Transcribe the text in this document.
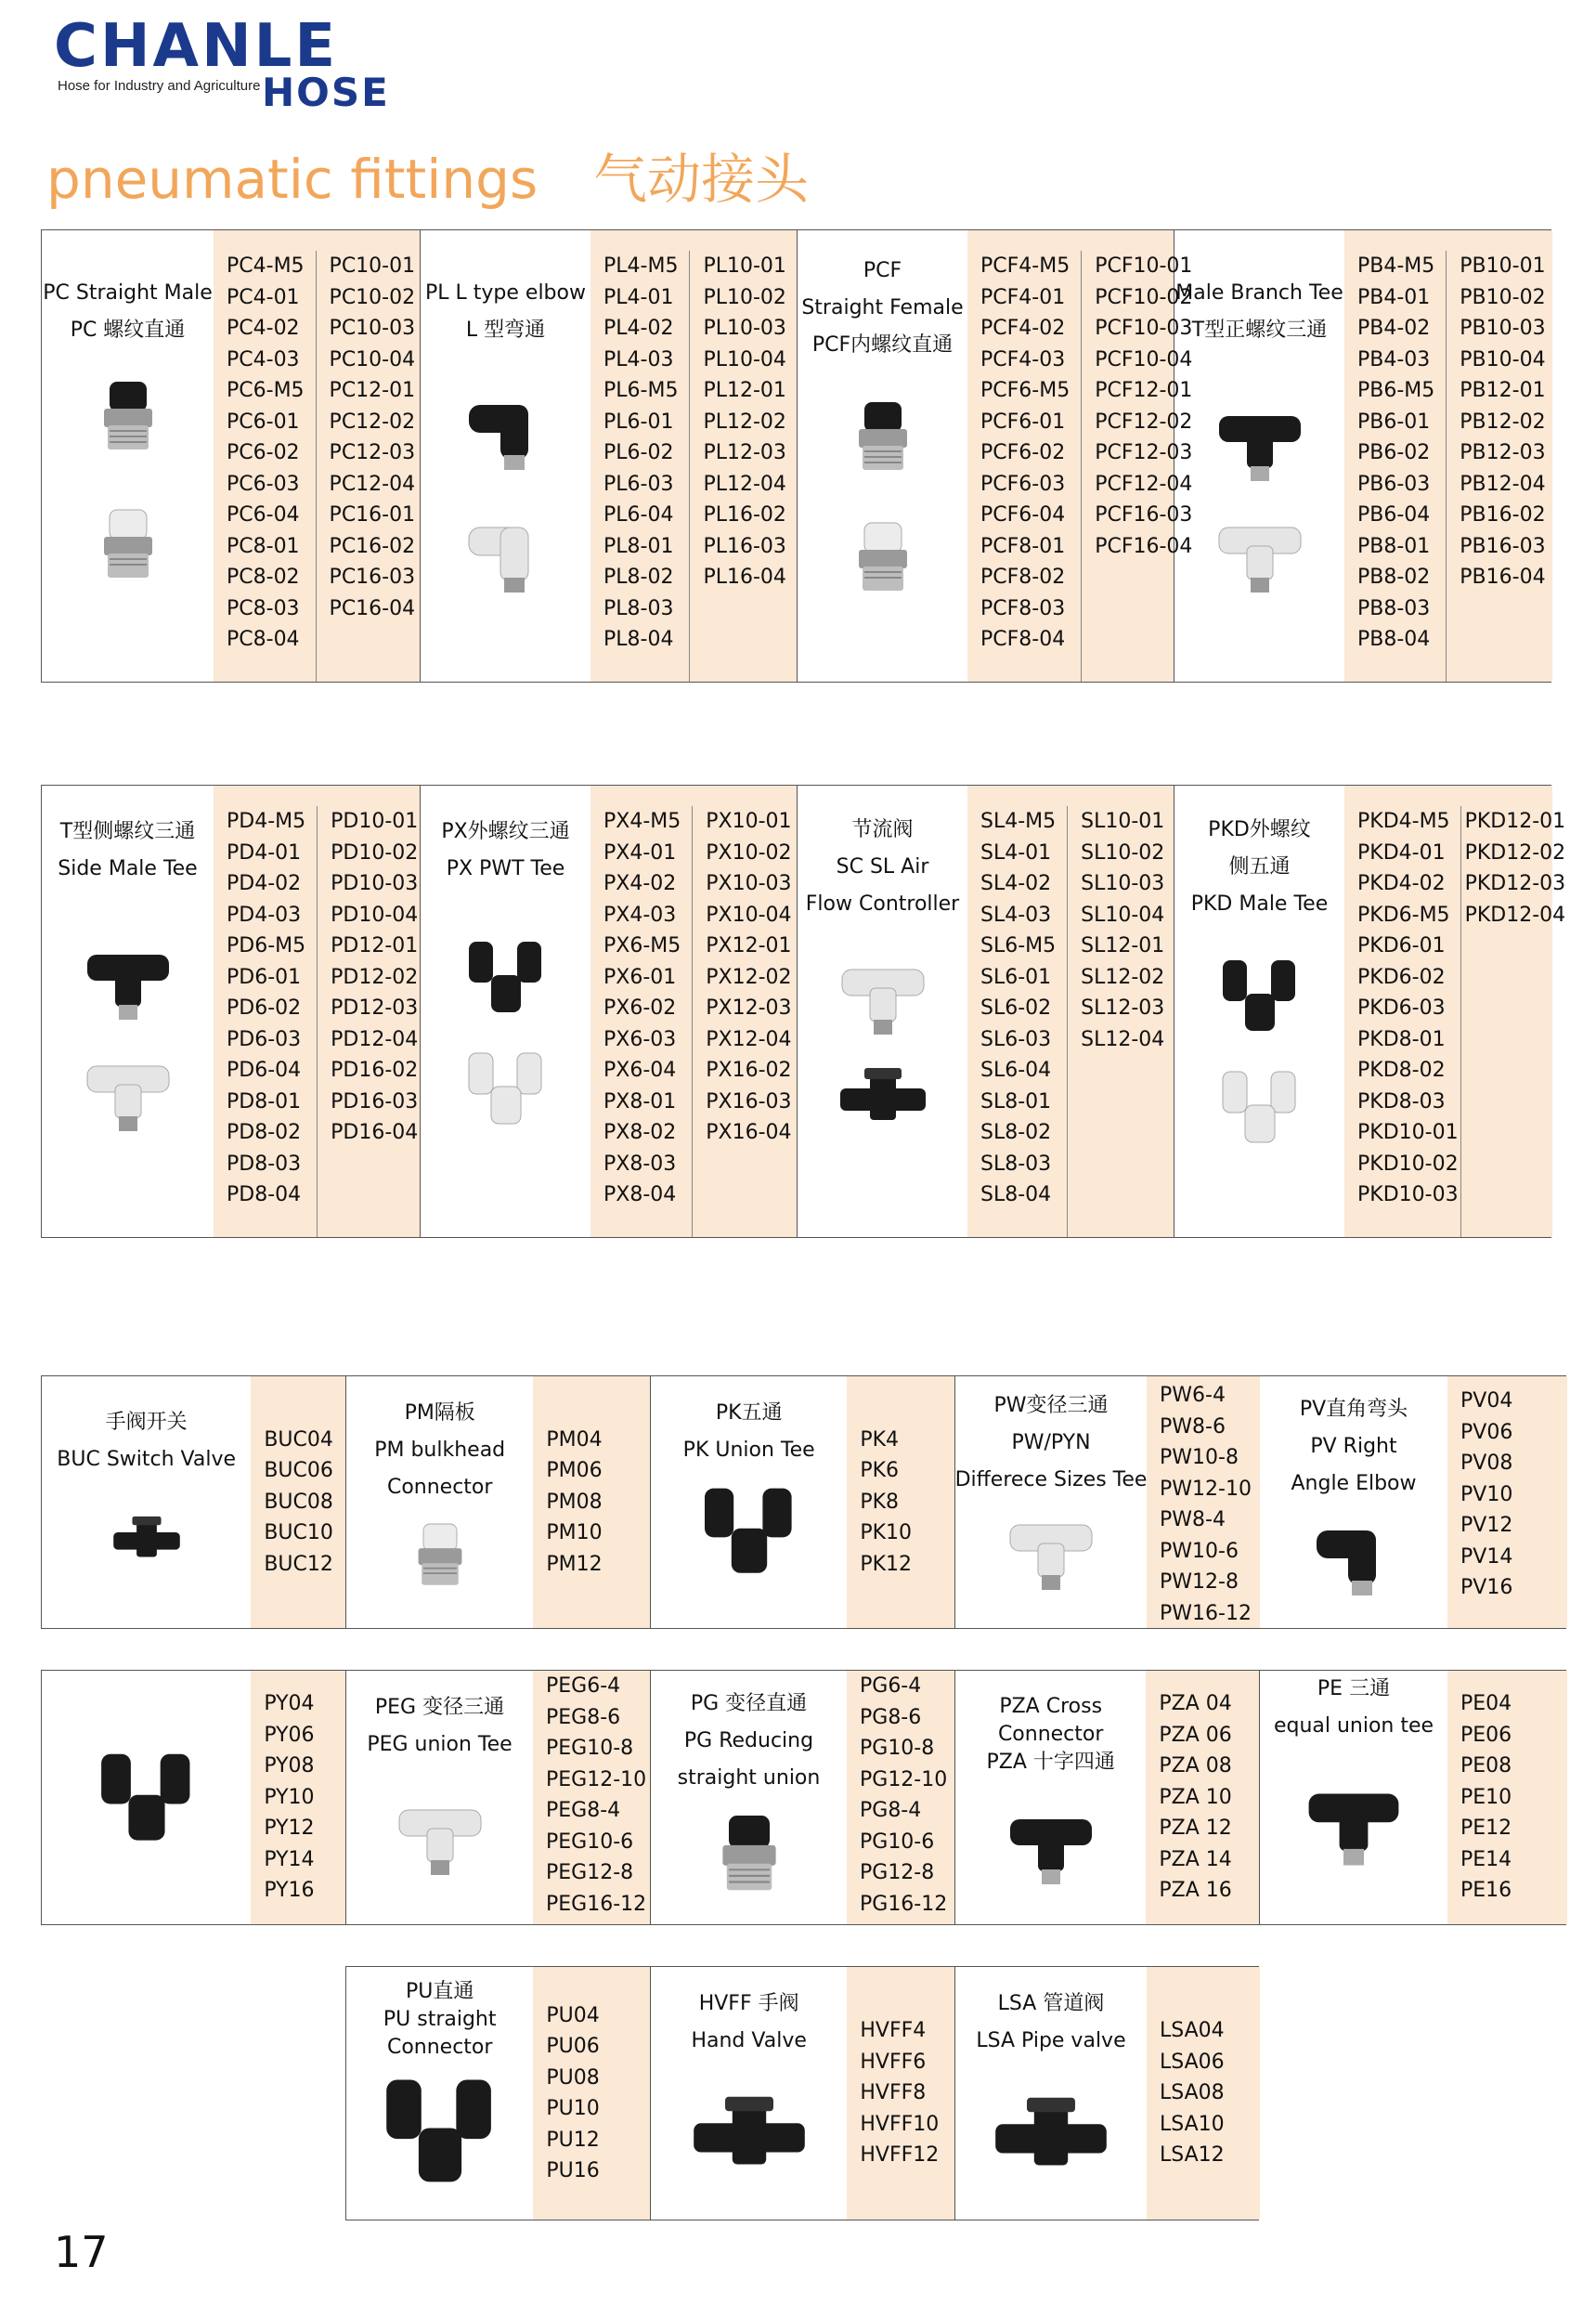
CHANLE
Hose for Industry and Agriculture HOSE
pneumatic fittings 气动接头
PC Straight Male
PC 螺纹直通
PC4-M5
PC4-01
PC4-02
PC4-03
PC6-M5
PC6-01
PC6-02
PC6-03
PC6-04
PC8-01
PC8-02
PC8-03
PC8-04
PC10-01
PC10-02
PC10-03
PC10-04
PC12-01
PC12-02
PC12-03
PC12-04
PC16-01
PC16-02
PC16-03
PC16-04
PL L type elbow
L 型弯通
PL4-M5
PL4-01
PL4-02
PL4-03
PL6-M5
PL6-01
PL6-02
PL6-03
PL6-04
PL8-01
PL8-02
PL8-03
PL8-04
PL10-01
PL10-02
PL10-03
PL10-04
PL12-01
PL12-02
PL12-03
PL12-04
PL16-02
PL16-03
PL16-04
PCF
Straight Female
PCF内螺纹直通
PCF4-M5
PCF4-01
PCF4-02
PCF4-03
PCF6-M5
PCF6-01
PCF6-02
PCF6-03
PCF6-04
PCF8-01
PCF8-02
PCF8-03
PCF8-04
PCF10-01
PCF10-02
PCF10-03
PCF10-04
PCF12-01
PCF12-02
PCF12-03
PCF12-04
PCF16-03
PCF16-04
Male Branch Tee
T型正螺纹三通
PB4-M5
PB4-01
PB4-02
PB4-03
PB6-M5
PB6-01
PB6-02
PB6-03
PB6-04
PB8-01
PB8-02
PB8-03
PB8-04
PB10-01
PB10-02
PB10-03
PB10-04
PB12-01
PB12-02
PB12-03
PB12-04
PB16-02
PB16-03
PB16-04
T型侧螺纹三通
Side Male Tee
PD4-M5
PD4-01
PD4-02
PD4-03
PD6-M5
PD6-01
PD6-02
PD6-03
PD6-04
PD8-01
PD8-02
PD8-03
PD8-04
PD10-01
PD10-02
PD10-03
PD10-04
PD12-01
PD12-02
PD12-03
PD12-04
PD16-02
PD16-03
PD16-04
PX外螺纹三通
PX PWT Tee
PX4-M5
PX4-01
PX4-02
PX4-03
PX6-M5
PX6-01
PX6-02
PX6-03
PX6-04
PX8-01
PX8-02
PX8-03
PX8-04
PX10-01
PX10-02
PX10-03
PX10-04
PX12-01
PX12-02
PX12-03
PX12-04
PX16-02
PX16-03
PX16-04
节流阀
SC SL Air
Flow Controller
SL4-M5
SL4-01
SL4-02
SL4-03
SL6-M5
SL6-01
SL6-02
SL6-03
SL6-04
SL8-01
SL8-02
SL8-03
SL8-04
SL10-01
SL10-02
SL10-03
SL10-04
SL12-01
SL12-02
SL12-03
SL12-04
PKD外螺纹
侧五通
PKD Male Tee
PKD4-M5
PKD4-01
PKD4-02
PKD6-M5
PKD6-01
PKD6-02
PKD6-03
PKD8-01
PKD8-02
PKD8-03
PKD10-01
PKD10-02
PKD10-03
PKD12-01
PKD12-02
PKD12-03
PKD12-04
手阀开关
BUC Switch Valve
BUC04
BUC06
BUC08
BUC10
BUC12
PM隔板
PM bulkhead
Connector
PM04
PM06
PM08
PM10
PM12
PK五通
PK Union Tee PK4
PK6
PK8
PK10
PK12
PW变径三通
PW/PYN
Differece Sizes Tee
PW6-4
PW8-6
PW10-8
PW12-10
PW8-4
PW10-6
PW12-8
PW16-12
PV直角弯头
PV Right
Angle Elbow
PV04
PV06
PV08
PV10
PV12
PV14
PV16
PY04
PY06
PY08
PY10
PY12
PY14
PY16
PEG 变径三通
PEG union Tee
PEG6-4
PEG8-6
PEG10-8
PEG12-10
PEG8-4
PEG10-6
PEG12-8
PEG16-12
PG 变径直通
PG Reducing
straight union
PG6-4
PG8-6
PG10-8
PG12-10
PG8-4
PG10-6
PG12-8
PG16-12
PZA Cross
Connector
PZA 十字四通
PZA 04
PZA 06
PZA 08
PZA 10
PZA 12
PZA 14
PZA 16
PE 三通
equal union tee
PE04
PE06
PE08
PE10
PE12
PE14
PE16
PU直通
PU straight
Connector
PU04
PU06
PU08
PU10
PU12
PU16
HVFF 手阀
Hand Valve	HVFF4
HVFF6
HVFF8
HVFF10
HVFF12
LSA 管道阀
LSA Pipe valve LSA04
LSA06
LSA08
LSA10
LSA12
17
